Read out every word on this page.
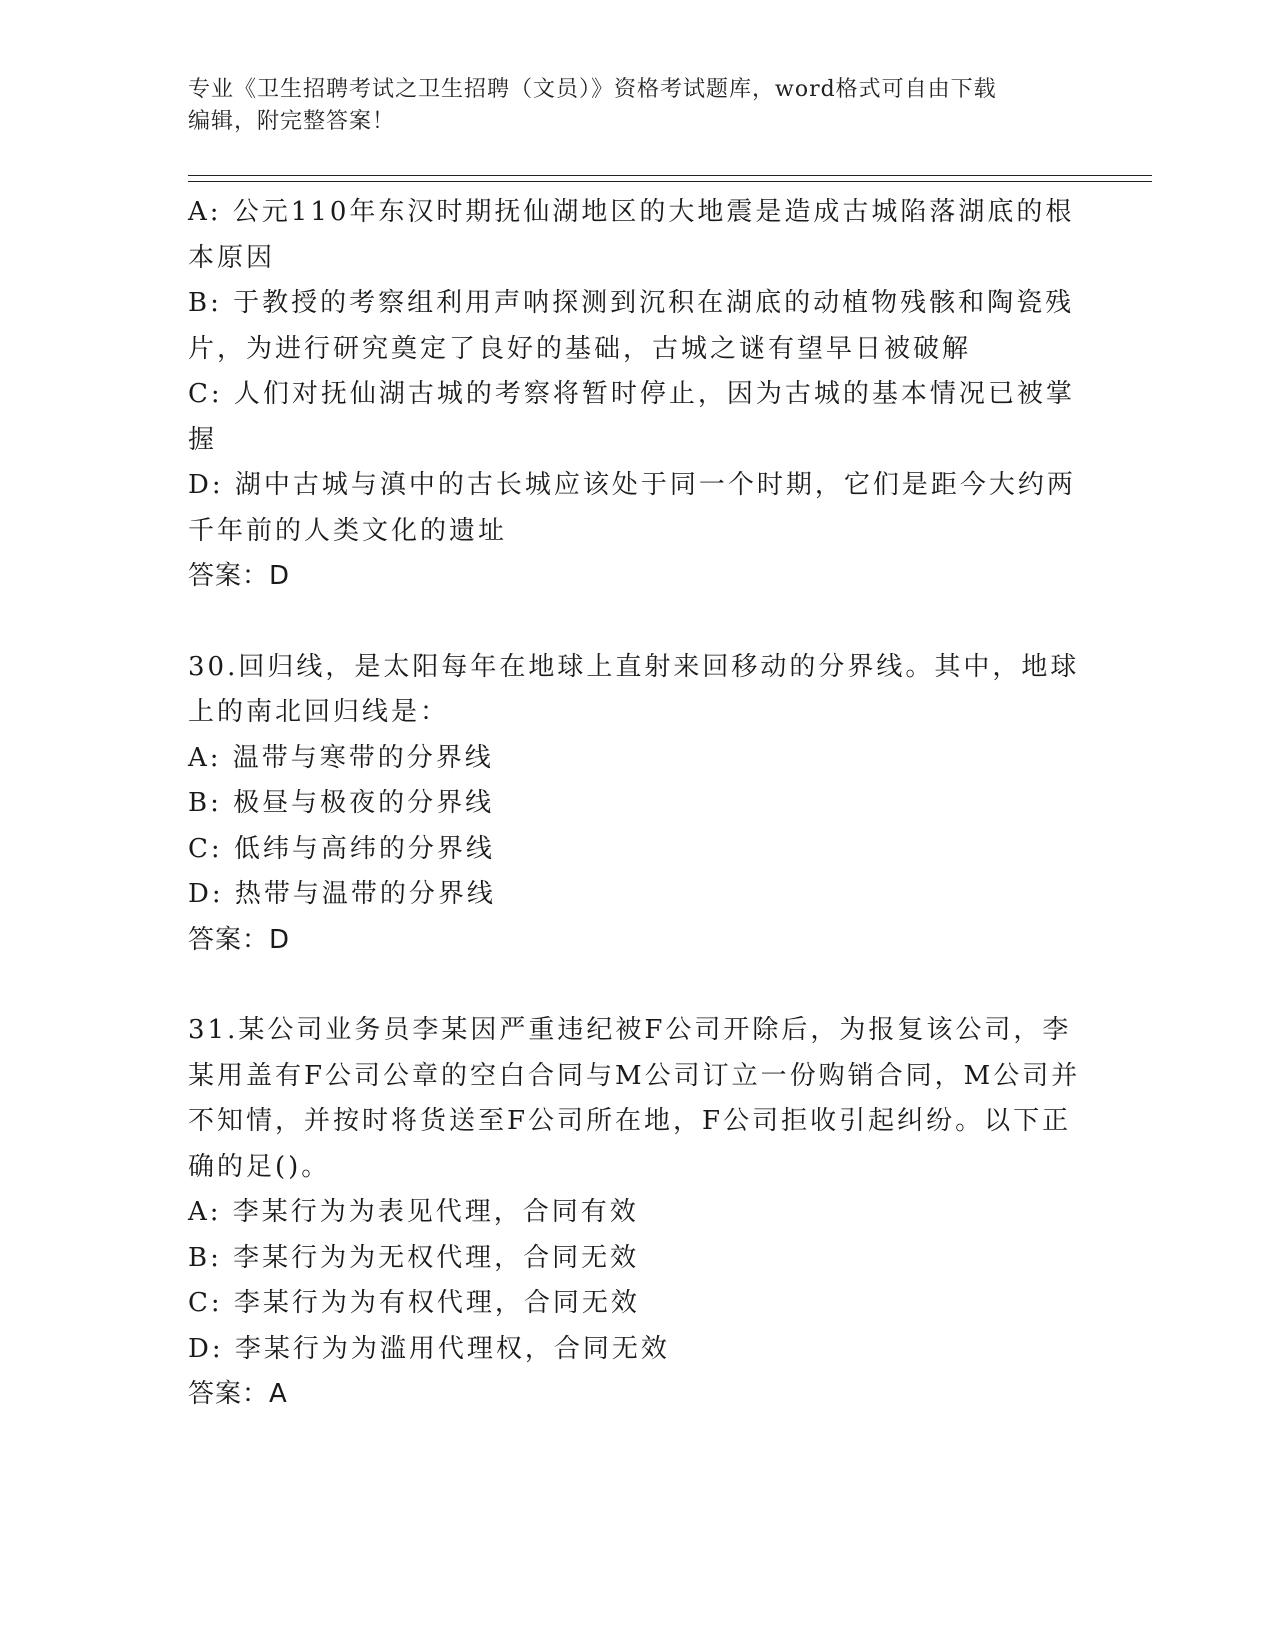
专业《卫生招聘考试之卫生招聘（文员）》资格考试题库，word格式可自由下载
编辑，附完整答案！
A: 公元110年东汉时期抚仙湖地区的大地震是造成古城陷落湖底的根
本原因
B: 于教授的考察组利用声呐探测到沉积在湖底的动植物残骸和陶瓷残
片，为进行研究奠定了良好的基础，古城之谜有望早日被破解
C: 人们对抚仙湖古城的考察将暂时停止，因为古城的基本情况已被掌
握
D: 湖中古城与滇中的古长城应该处于同一个时期，它们是距今大约两
千年前的人类文化的遗址
答案：D
30.回归线，是太阳每年在地球上直射来回移动的分界线。其中，地球
上的南北回归线是：
A: 温带与寒带的分界线
B: 极昼与极夜的分界线
C: 低纬与高纬的分界线
D: 热带与温带的分界线
答案：D
31.某公司业务员李某因严重违纪被F公司开除后，为报复该公司，李
某用盖有F公司公章的空白合同与M公司订立一份购销合同，M公司并
不知情，并按时将货送至F公司所在地，F公司拒收引起纠纷。以下正
确的足()。
A: 李某行为为表见代理，合同有效
B: 李某行为为无权代理，合同无效
C: 李某行为为有权代理，合同无效
D: 李某行为为滥用代理权，合同无效
答案：A
